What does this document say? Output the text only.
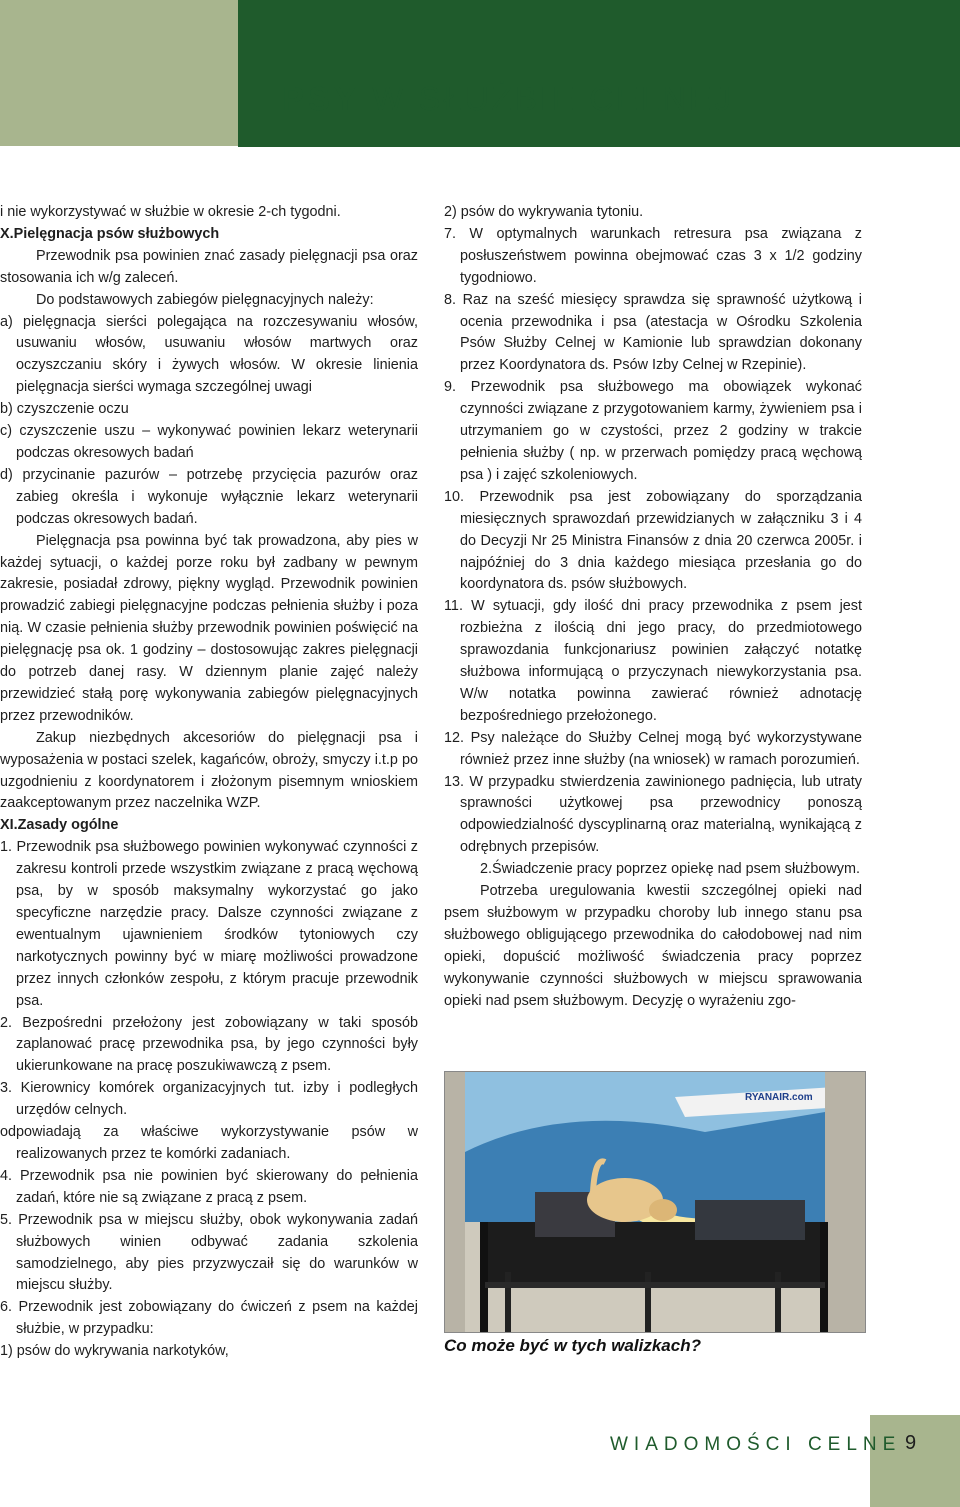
PSY W SŁUŻBIE CELNEJ

i nie wykorzystywać w służbie w okresie 2-ch tygodni.

X.Pielęgnacja psów służbowych

Przewodnik psa powinien znać zasady pielęgnacji psa oraz stosowania ich w/g zaleceń.

Do podstawowych zabiegów pielęgnacyjnych należy:

a) pielęgnacja sierści polegająca na rozczesywaniu włosów, usuwaniu włosów, usuwaniu włosów martwych oraz oczyszczaniu skóry i żywych włosów. W okresie linienia pielęgnacja sierści wymaga szczególnej uwagi

b) czyszczenie oczu

c) czyszczenie uszu – wykonywać powinien lekarz weterynarii podczas okresowych badań

d) przycinanie pazurów – potrzebę przycięcia pazurów oraz zabieg określa i wykonuje wyłącznie lekarz weterynarii podczas okresowych badań.

Pielęgnacja psa powinna być tak prowadzona, aby pies w każdej sytuacji, o każdej porze roku był zadbany w pewnym zakresie, posiadał zdrowy, piękny wygląd. Przewodnik powinien prowadzić zabiegi pielęgnacyjne podczas pełnienia służby i poza nią. W czasie pełnienia służby przewodnik powinien poświęcić na pielęgnację psa ok. 1 godziny – dostosowując zakres pielęgnacji do potrzeb danej rasy. W dziennym planie zajęć należy przewidzieć stałą porę wykonywania zabiegów pielęgnacyjnych przez przewodników.

Zakup niezbędnych akcesoriów do pielęgnacji psa i wyposażenia w postaci szelek, kagańców, obroży, smyczy i.t.p po uzgodnieniu z koordynatorem i złożonym pisemnym wnioskiem zaakceptowanym przez naczelnika WZP.

XI.Zasady ogólne

1. Przewodnik psa służbowego powinien wykonywać czynności z zakresu kontroli przede wszystkim związane z pracą węchową psa, by w sposób maksymalny wykorzystać go jako specyficzne narzędzie pracy. Dalsze czynności związane z ewentualnym ujawnieniem środków tytoniowych czy narkotycznych powinny być w miarę możliwości prowadzone przez innych członków zespołu, z którym pracuje przewodnik psa.

2. Bezpośredni przełożony jest zobowiązany w taki sposób zaplanować pracę przewodnika psa, by jego czynności były ukierunkowane na pracę poszukiwawczą z psem.

3. Kierownicy komórek organizacyjnych tut. izby i podległych urzędów celnych.

odpowiadają za właściwe wykorzystywanie psów w realizowanych przez te komórki zadaniach.

4. Przewodnik psa nie powinien być skierowany do pełnienia zadań, które nie są związane z pracą z psem.

5. Przewodnik psa w miejscu służby, obok wykonywania zadań służbowych winien odbywać zadania szkolenia samodzielnego, aby pies przyzwyczaił się do warunków w miejscu służby.

6. Przewodnik jest zobowiązany do ćwiczeń z psem na każdej służbie, w przypadku:

1) psów do wykrywania narkotyków,

2) psów do wykrywania tytoniu.

7. W optymalnych warunkach retresura psa związana z posłuszeństwem powinna obejmować czas 3 x 1/2 godziny tygodniowo.

8. Raz na sześć miesięcy sprawdza się sprawność użytkową i ocenia przewodnika i psa (atestacja w Ośrodku Szkolenia Psów Służby Celnej w Kamionie lub sprawdzian dokonany przez Koordynatora ds. Psów Izby Celnej w Rzepinie).

9. Przewodnik psa służbowego ma obowiązek wykonać czynności związane z przygotowaniem karmy, żywieniem psa i utrzymaniem go w czystości, przez 2 godziny w trakcie pełnienia służby ( np. w przerwach pomiędzy pracą węchową psa ) i zajęć szkoleniowych.

10. Przewodnik psa jest zobowiązany do sporządzania miesięcznych sprawozdań przewidzianych w załączniku 3 i 4 do Decyzji Nr 25 Ministra Finansów z dnia 20 czerwca 2005r. i najpóźniej do 3 dnia każdego miesiąca przesłania go do koordynatora ds. psów służbowych.

11. W sytuacji, gdy ilość dni pracy przewodnika z psem jest rozbieżna z ilością dni jego pracy, do przedmiotowego sprawozdania funkcjonariusz powinien załączyć notatkę służbowa informującą o przyczynach niewykorzystania psa. W/w notatka powinna zawierać również adnotację bezpośredniego przełożonego.

12. Psy należące do Służby Celnej mogą być wykorzystywane również przez inne służby (na wniosek) w ramach porozumień.

13. W przypadku stwierdzenia zawinionego padnięcia, lub utraty sprawności użytkowej psa przewodnicy ponoszą odpowiedzialność dyscyplinarną oraz materialną, wynikającą z odrębnych przepisów.

2.Świadczenie pracy poprzez opiekę nad psem służbowym.

Potrzeba uregulowania kwestii szczególnej opieki nad psem służbowym w przypadku choroby lub innego stanu psa służbowego obligującego przewodnika do całodobowej nad nim opieki, dopuścić możliwość świadczenia pracy poprzez wykonywanie czynności służbowych w miejscu sprawowania opieki nad psem służbowym. Decyzję o wyrażeniu zgo-

RYANAIR.com
Co może być w tych walizkach?
WIADOMOŚCI CELNE 9
